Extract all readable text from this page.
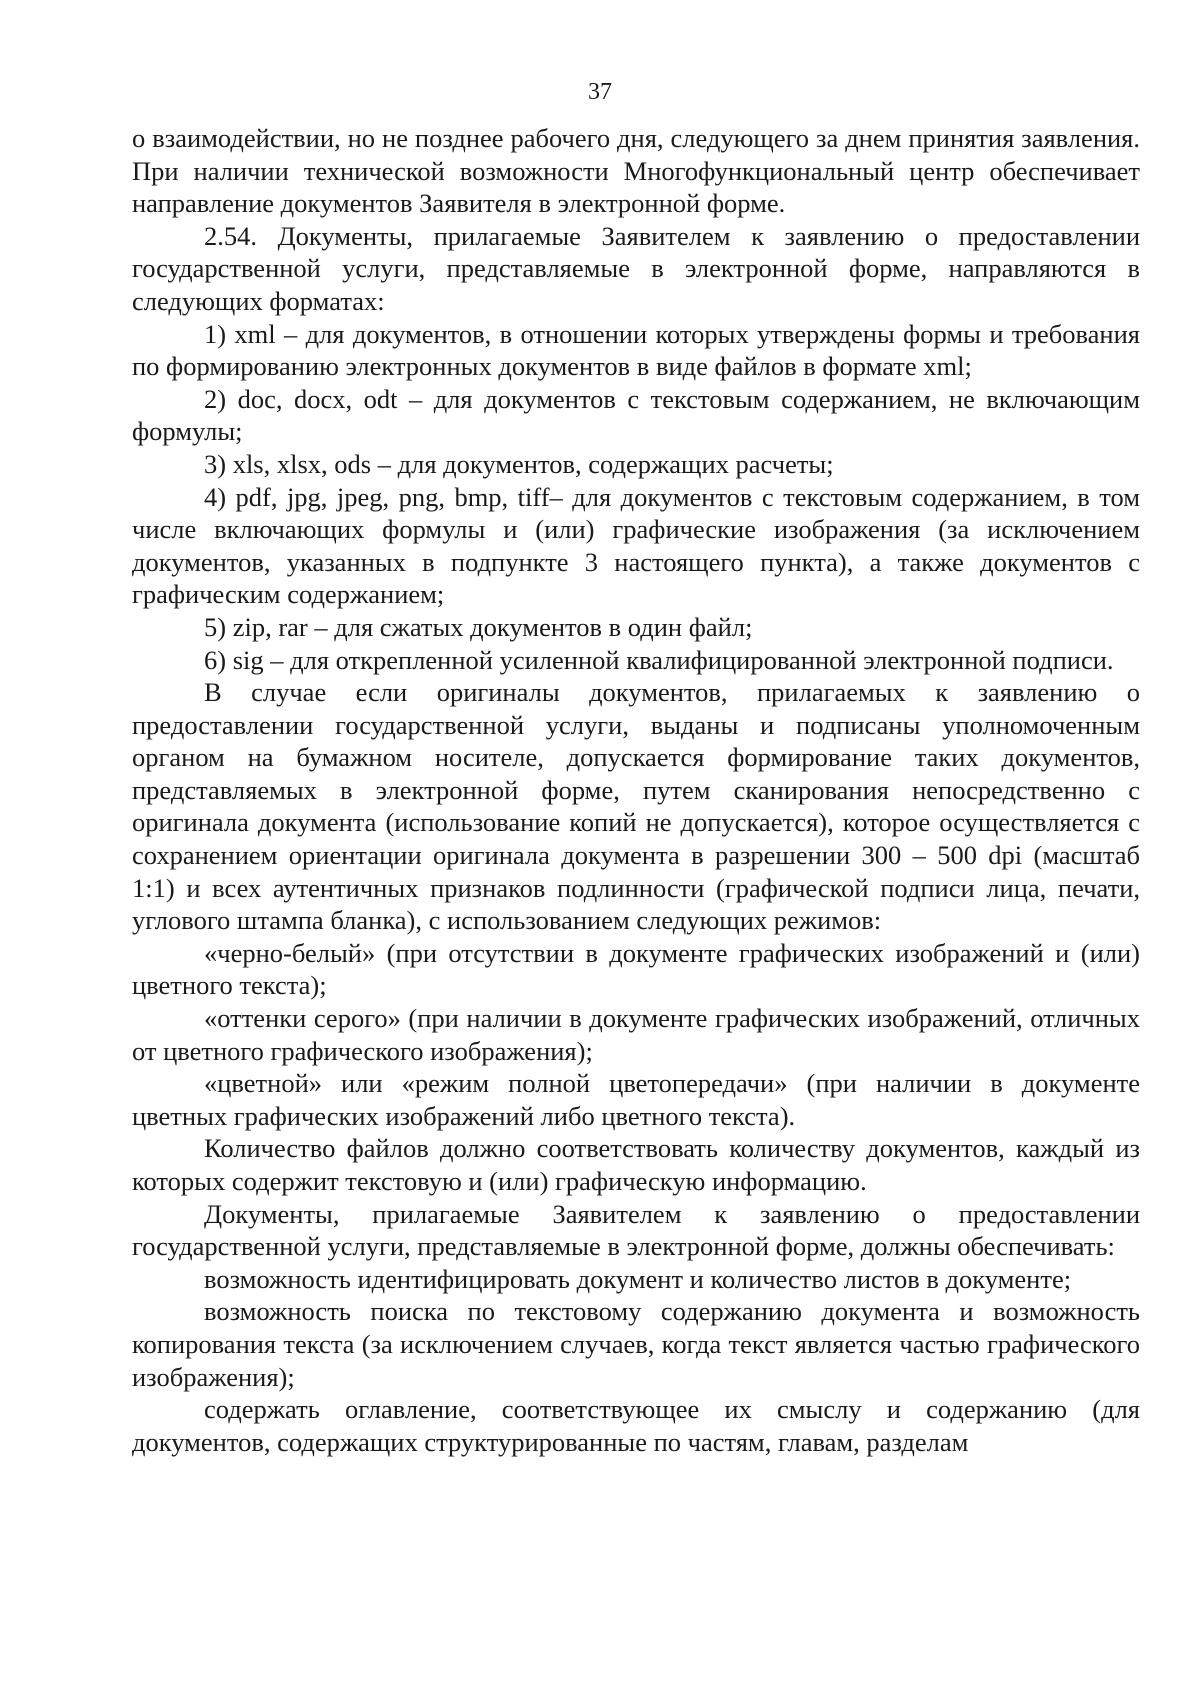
37

о взаимодействии, но не позднее рабочего дня, следующего за днем принятия заявления. При наличии технической возможности Многофункциональный центр обеспечивает направление документов Заявителя в электронной форме.

2.54. Документы, прилагаемые Заявителем к заявлению о предоставлении государственной услуги, представляемые в электронной форме, направляются в следующих форматах:

1) xml – для документов, в отношении которых утверждены формы и требования по формированию электронных документов в виде файлов в формате xml;

2) doc, docx, odt – для документов с текстовым содержанием, не включающим формулы;

3) xls, xlsx, ods – для документов, содержащих расчеты;

4) pdf, jpg, jpeg, png, bmp, tiff– для документов с текстовым содержанием, в том числе включающих формулы и (или) графические изображения (за исключением документов, указанных в подпункте 3 настоящего пункта), а также документов с графическим содержанием;

5) zip, rar – для сжатых документов в один файл;

6) sig – для открепленной усиленной квалифицированной электронной подписи.

В случае если оригиналы документов, прилагаемых к заявлению о предоставлении государственной услуги, выданы и подписаны уполномоченным органом на бумажном носителе, допускается формирование таких документов, представляемых в электронной форме, путем сканирования непосредственно с оригинала документа (использование копий не допускается), которое осуществляется с сохранением ориентации оригинала документа в разрешении 300 – 500 dpi (масштаб 1:1) и всех аутентичных признаков подлинности (графической подписи лица, печати, углового штампа бланка), с использованием следующих режимов:

«черно-белый» (при отсутствии в документе графических изображений и (или) цветного текста);

«оттенки серого» (при наличии в документе графических изображений, отличных от цветного графического изображения);

«цветной» или «режим полной цветопередачи» (при наличии в документе цветных графических изображений либо цветного текста).

Количество файлов должно соответствовать количеству документов, каждый из которых содержит текстовую и (или) графическую информацию.

Документы, прилагаемые Заявителем к заявлению о предоставлении государственной услуги, представляемые в электронной форме, должны обеспечивать:

возможность идентифицировать документ и количество листов в документе;

возможность поиска по текстовому содержанию документа и возможность копирования текста (за исключением случаев, когда текст является частью графического изображения);

содержать оглавление, соответствующее их смыслу и содержанию (для документов, содержащих структурированные по частям, главам, разделам
